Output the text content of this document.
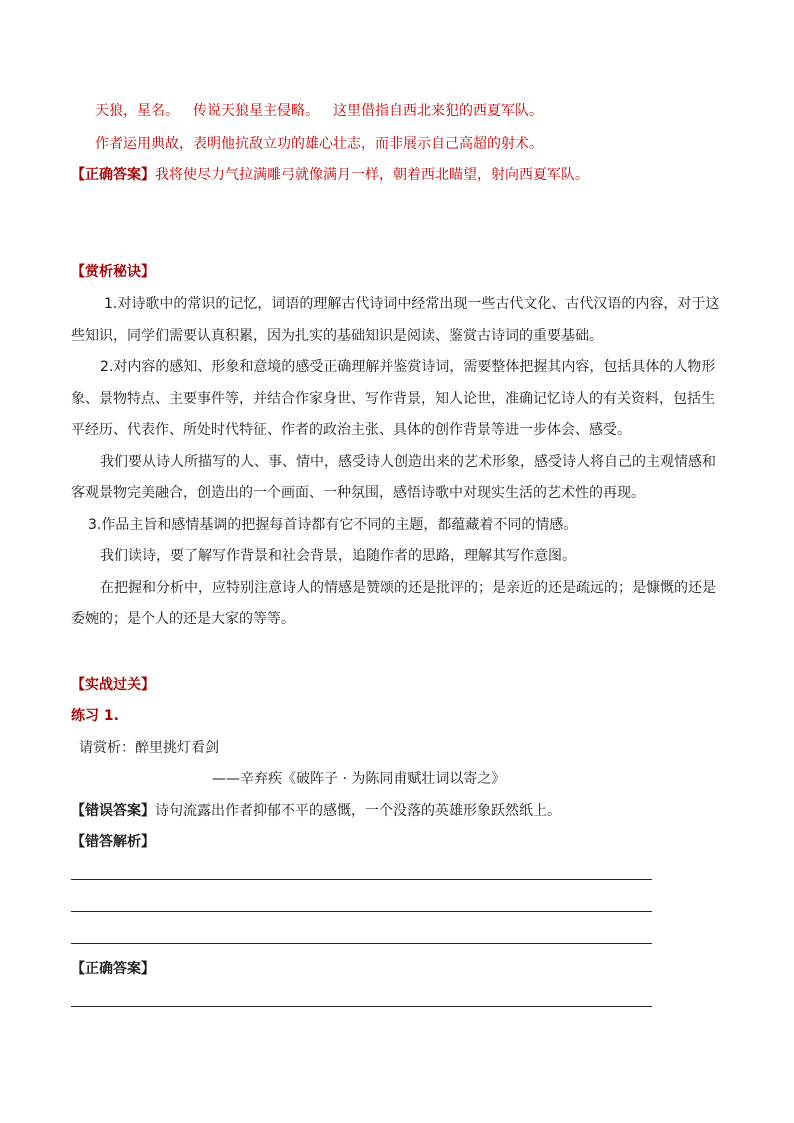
天狼，星名。 传说天狼星主侵略。 这里借指自西北来犯的西夏军队。
作者运用典故，表明他抗敌立功的雄心壮志，而非展示自己高超的射术。
【正确答案】我将使尽力气拉满雕弓就像满月一样，朝着西北瞄望，射向西夏军队。
【赏析秘诀】
1.对诗歌中的常识的记忆，词语的理解古代诗词中经常出现一些古代文化、古代汉语的内容，对于这
些知识，同学们需要认真积累，因为扎实的基础知识是阅读、鉴赏古诗词的重要基础。
2.对内容的感知、形象和意境的感受正确理解并鉴赏诗词，需要整体把握其内容，包括具体的人物形
象、景物特点、主要事件等，并结合作家身世、写作背景，知人论世，准确记忆诗人的有关资料，包括生
平经历、代表作、所处时代特征、作者的政治主张、具体的创作背景等进一步体会、感受。
我们要从诗人所描写的人、事、情中，感受诗人创造出来的艺术形象，感受诗人将自己的主观情感和
客观景物完美融合，创造出的一个画面、一种氛围，感悟诗歌中对现实生活的艺术性的再现。
3.作品主旨和感情基调的把握每首诗都有它不同的主题，都蕴藏着不同的情感。
我们读诗，要了解写作背景和社会背景，追随作者的思路，理解其写作意图。
在把握和分析中，应特别注意诗人的情感是赞颂的还是批评的；是亲近的还是疏远的；是慷慨的还是
委婉的；是个人的还是大家的等等。
【实战过关】
练习 1.
请赏析：醉里挑灯看剑
——辛弃疾《破阵子 · 为陈同甫赋壮词以寄之》
【错误答案】诗句流露出作者抑郁不平的感慨，一个没落的英雄形象跃然纸上。
【错答解析】
【正确答案】
